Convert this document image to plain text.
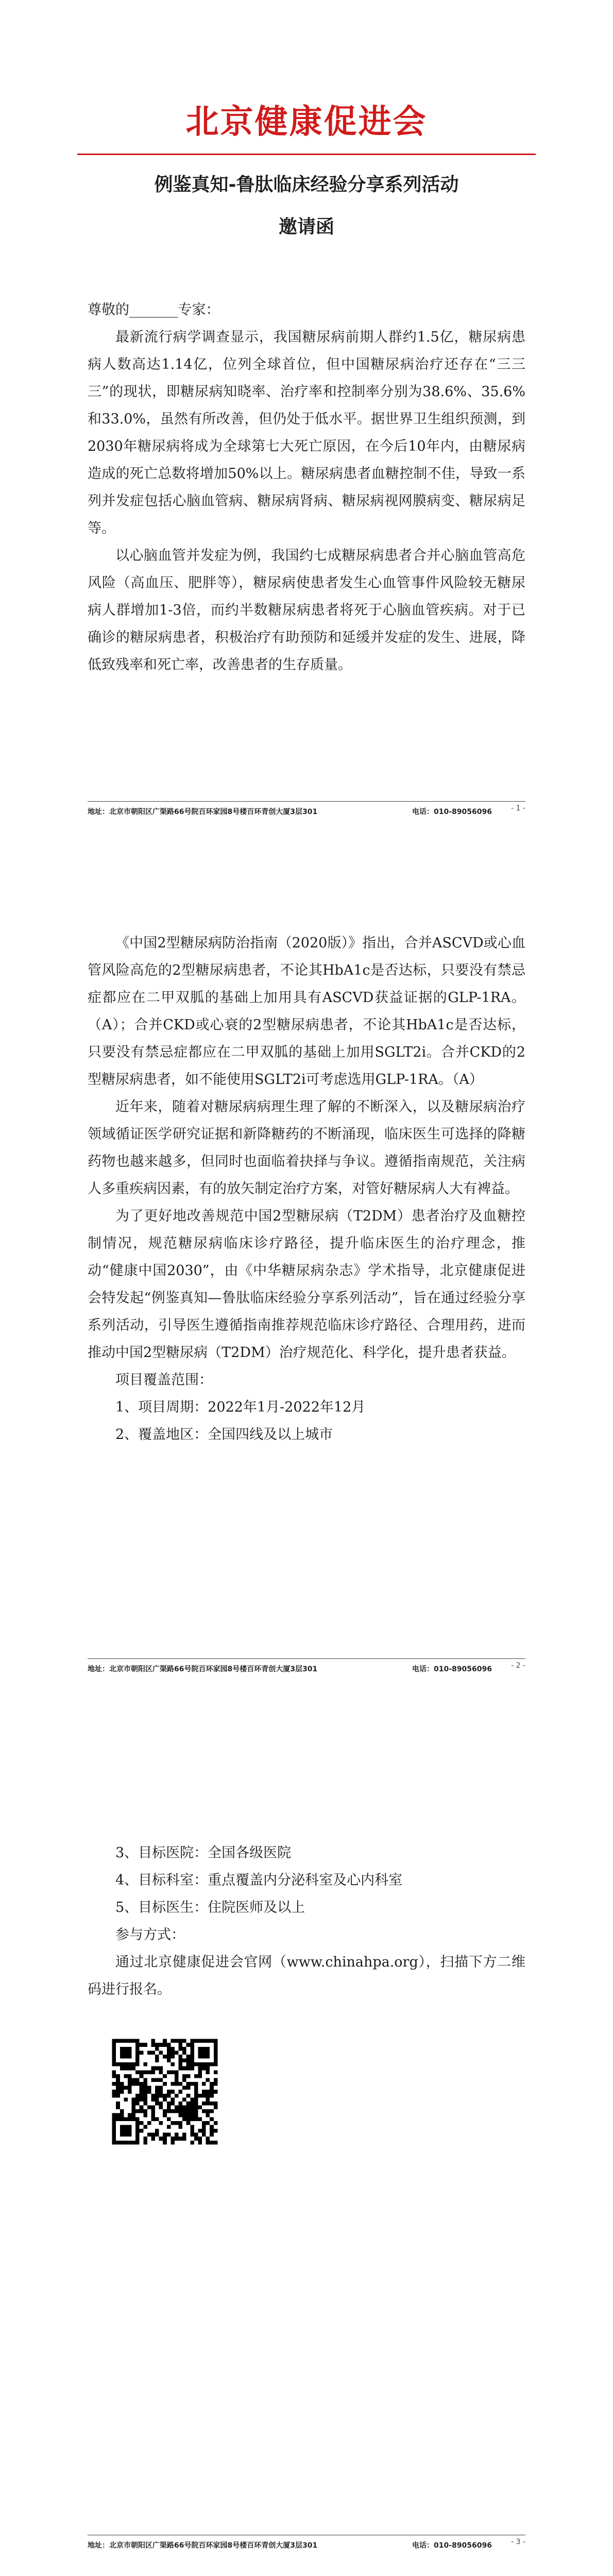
北京健康促进会
例鉴真知-鲁肽临床经验分享系列活动
邀请函

尊敬的_______专家：

最新流行病学调查显示，我国糖尿病前期人群约1.5亿，糖尿病患病人数高达1.14亿，位列全球首位，但中国糖尿病治疗还存在“三三三”的现状，即糖尿病知晓率、治疗率和控制率分别为38.6%、35.6%和33.0%，虽然有所改善，但仍处于低水平。据世界卫生组织预测，到2030年糖尿病将成为全球第七大死亡原因，在今后10年内，由糖尿病造成的死亡总数将增加50%以上。糖尿病患者血糖控制不佳，导致一系列并发症包括心脑血管病、糖尿病肾病、糖尿病视网膜病变、糖尿病足等。

以心脑血管并发症为例，我国约七成糖尿病患者合并心脑血管高危风险（高血压、肥胖等），糖尿病使患者发生心血管事件风险较无糖尿病人群增加1-3倍，而约半数糖尿病患者将死于心脑血管疾病。对于已确诊的糖尿病患者，积极治疗有助预防和延缓并发症的发生、进展，降低致残率和死亡率，改善患者的生存质量。

地址：北京市朝阳区广渠路66号院百环家园8号楼百环青创大厦3层301	电话：010-89056096	- 1 -

《中国2型糖尿病防治指南（2020版）》指出，合并ASCVD或心血管风险高危的2型糖尿病患者，不论其HbA1c是否达标，只要没有禁忌症都应在二甲双胍的基础上加用具有ASCVD获益证据的GLP-1RA。（A）；合并CKD或心衰的2型糖尿病患者，不论其HbA1c是否达标，只要没有禁忌症都应在二甲双胍的基础上加用SGLT2i。合并CKD的2型糖尿病患者，如不能使用SGLT2i可考虑选用GLP-1RA。（A）

近年来，随着对糖尿病病理生理了解的不断深入，以及糖尿病治疗领域循证医学研究证据和新降糖药的不断涌现，临床医生可选择的降糖药物也越来越多，但同时也面临着抉择与争议。遵循指南规范，关注病人多重疾病因素，有的放矢制定治疗方案，对管好糖尿病人大有裨益。

为了更好地改善规范中国2型糖尿病（T2DM）患者治疗及血糖控制情况，规范糖尿病临床诊疗路径，提升临床医生的治疗理念，推动“健康中国2030”，由《中华糖尿病杂志》学术指导，北京健康促进会特发起“例鉴真知—鲁肽临床经验分享系列活动”，旨在通过经验分享系列活动，引导医生遵循指南推荐规范临床诊疗路径、合理用药，进而推动中国2型糖尿病（T2DM）治疗规范化、科学化，提升患者获益。

项目覆盖范围：

1、项目周期：2022年1月-2022年12月

2、覆盖地区：全国四线及以上城市

地址：北京市朝阳区广渠路66号院百环家园8号楼百环青创大厦3层301	电话：010-89056096	- 2 -

3、目标医院：全国各级医院

4、目标科室：重点覆盖内分泌科室及心内科室

5、目标医生：住院医师及以上

参与方式：

通过北京健康促进会官网（www.chinahpa.org），扫描下方二维码进行报名。

地址：北京市朝阳区广渠路66号院百环家园8号楼百环青创大厦3层301	电话：010-89056096	- 3 -
